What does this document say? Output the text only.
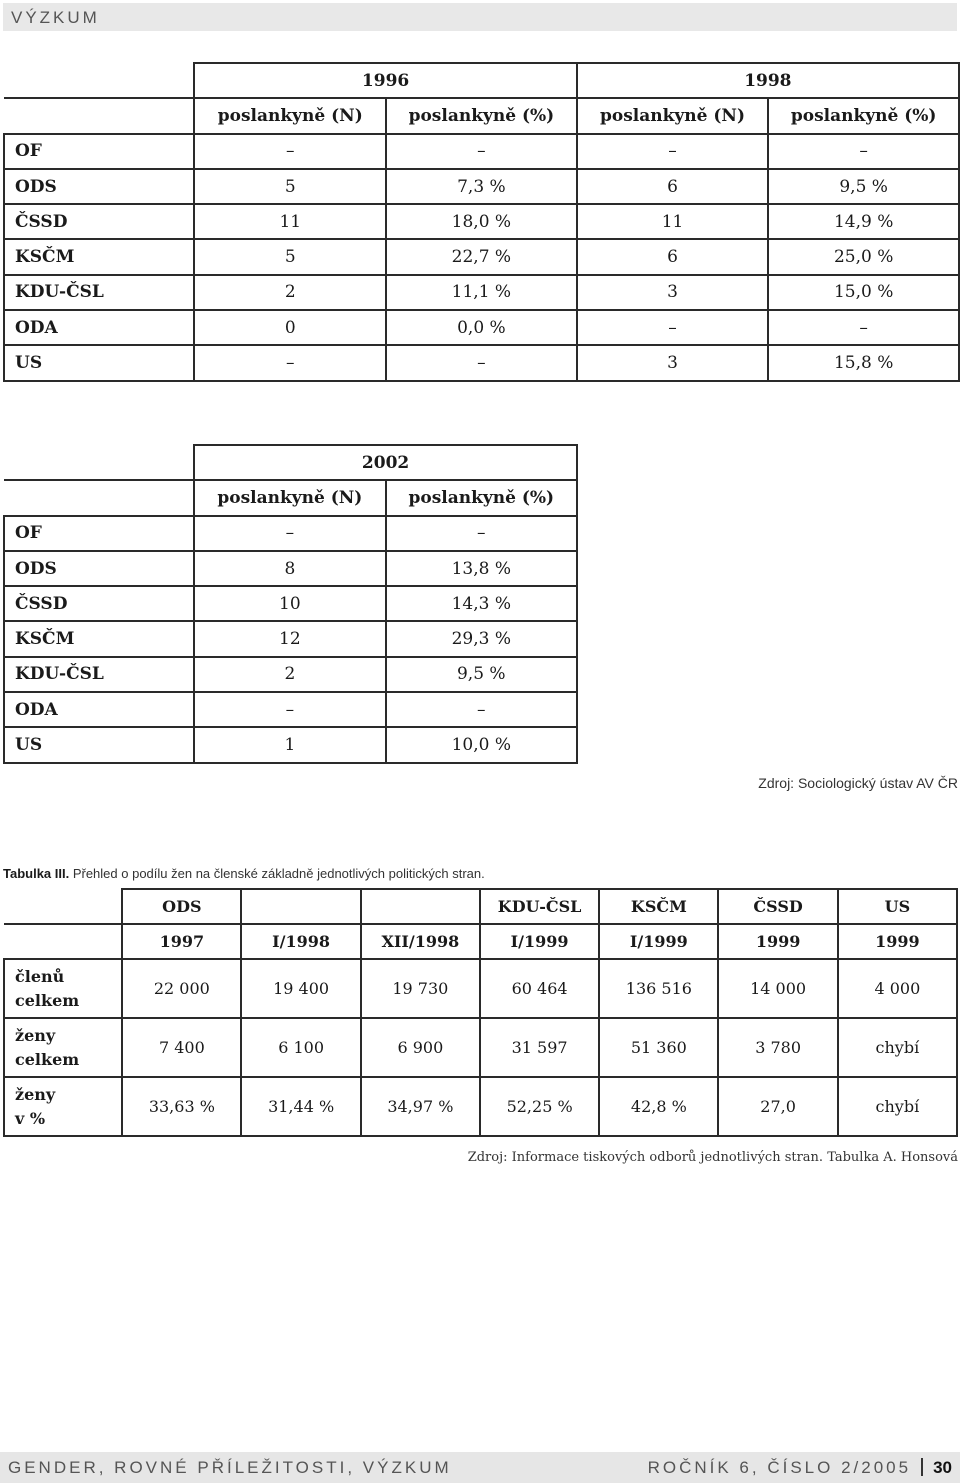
VÝZKUM
	1996		1998	
	poslankyně (N)	poslankyně (%)	poslankyně (N)	poslankyně (%)
OF	–	–	–	–
ODS	5	7,3 %	6	9,5 %
ČSSD	11	18,0 %	11	14,9 %
KSČM	5	22,7 %	6	25,0 %
KDU-ČSL	2	11,1 %	3	15,0 %
ODA	0	0,0 %	–	–
US	–	–	3	15,8 %
	2002	
	poslankyně (N)	poslankyně (%)
OF	–	–
ODS	8	13,8 %
ČSSD	10	14,3 %
KSČM	12	29,3 %
KDU-ČSL	2	9,5 %
ODA	–	–
US	1	10,0 %
Zdroj: Sociologický ústav AV ČR
Tabulka III. Přehled o podílu žen na členské základně jednotlivých politických stran.
	ODS			KDU-ČSL	KSČM	ČSSD	US
	1997	I/1998	XII/1998	I/1999	I/1999	1999	1999
členů
celkem	22 000	19 400	19 730	60 464	136 516	14 000	4 000
ženy
celkem	7 400	6 100	6 900	31 597	51 360	3 780	chybí
ženy
v %	33,63 %	31,44 %	34,97 %	52,25 %	42,8 %	27,0	chybí
Zdroj: Informace tiskových odborů jednotlivých stran. Tabulka A. Honsová
GENDER, ROVNÉ PŘÍLEŽITOSTI, VÝZKUM	ROČNÍK 6, ČÍSLO 2/2005 30
